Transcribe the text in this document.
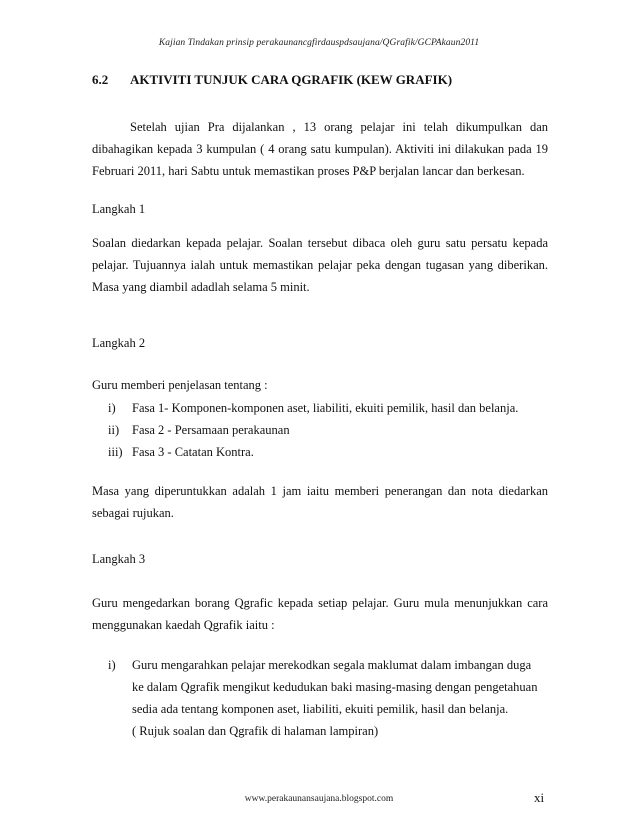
Kajian Tindakan prinsip perakaunancgfirdauspdsaujana/QGrafik/GCPAkaun2011
6.2 AKTIVITI TUNJUK CARA QGRAFIK (KEW GRAFIK)

Setelah ujian Pra dijalankan , 13 orang pelajar ini telah dikumpulkan dan dibahagikan kepada 3 kumpulan ( 4 orang satu kumpulan). Aktiviti ini dilakukan pada 19 Februari 2011, hari Sabtu untuk memastikan proses P&P berjalan lancar dan berkesan.

Langkah 1

Soalan diedarkan kepada pelajar. Soalan tersebut dibaca oleh guru satu persatu kepada pelajar. Tujuannya ialah untuk memastikan pelajar peka dengan tugasan yang diberikan. Masa yang diambil adadlah selama 5 minit.

Langkah 2
Guru memberi penjelasan tentang :
i) Fasa 1- Komponen-komponen aset, liabiliti, ekuiti pemilik, hasil dan belanja.
ii) Fasa 2 - Persamaan perakaunan
iii) Fasa 3 - Catatan Kontra.

Masa yang diperuntukkan adalah 1 jam iaitu memberi penerangan dan nota diedarkan sebagai rujukan.

Langkah 3

Guru mengedarkan borang Qgrafic kepada setiap pelajar. Guru mula menunjukkan cara menggunakan kaedah Qgrafik iaitu :

i) Guru mengarahkan pelajar merekodkan segala maklumat dalam imbangan duga
ke dalam Qgrafik mengikut kedudukan baki masing-masing dengan pengetahuan
sedia ada tentang komponen aset, liabiliti, ekuiti pemilik, hasil dan belanja.
( Rujuk soalan dan Qgrafik di halaman lampiran)
www.perakaunansaujana.blogspot.com	xi
